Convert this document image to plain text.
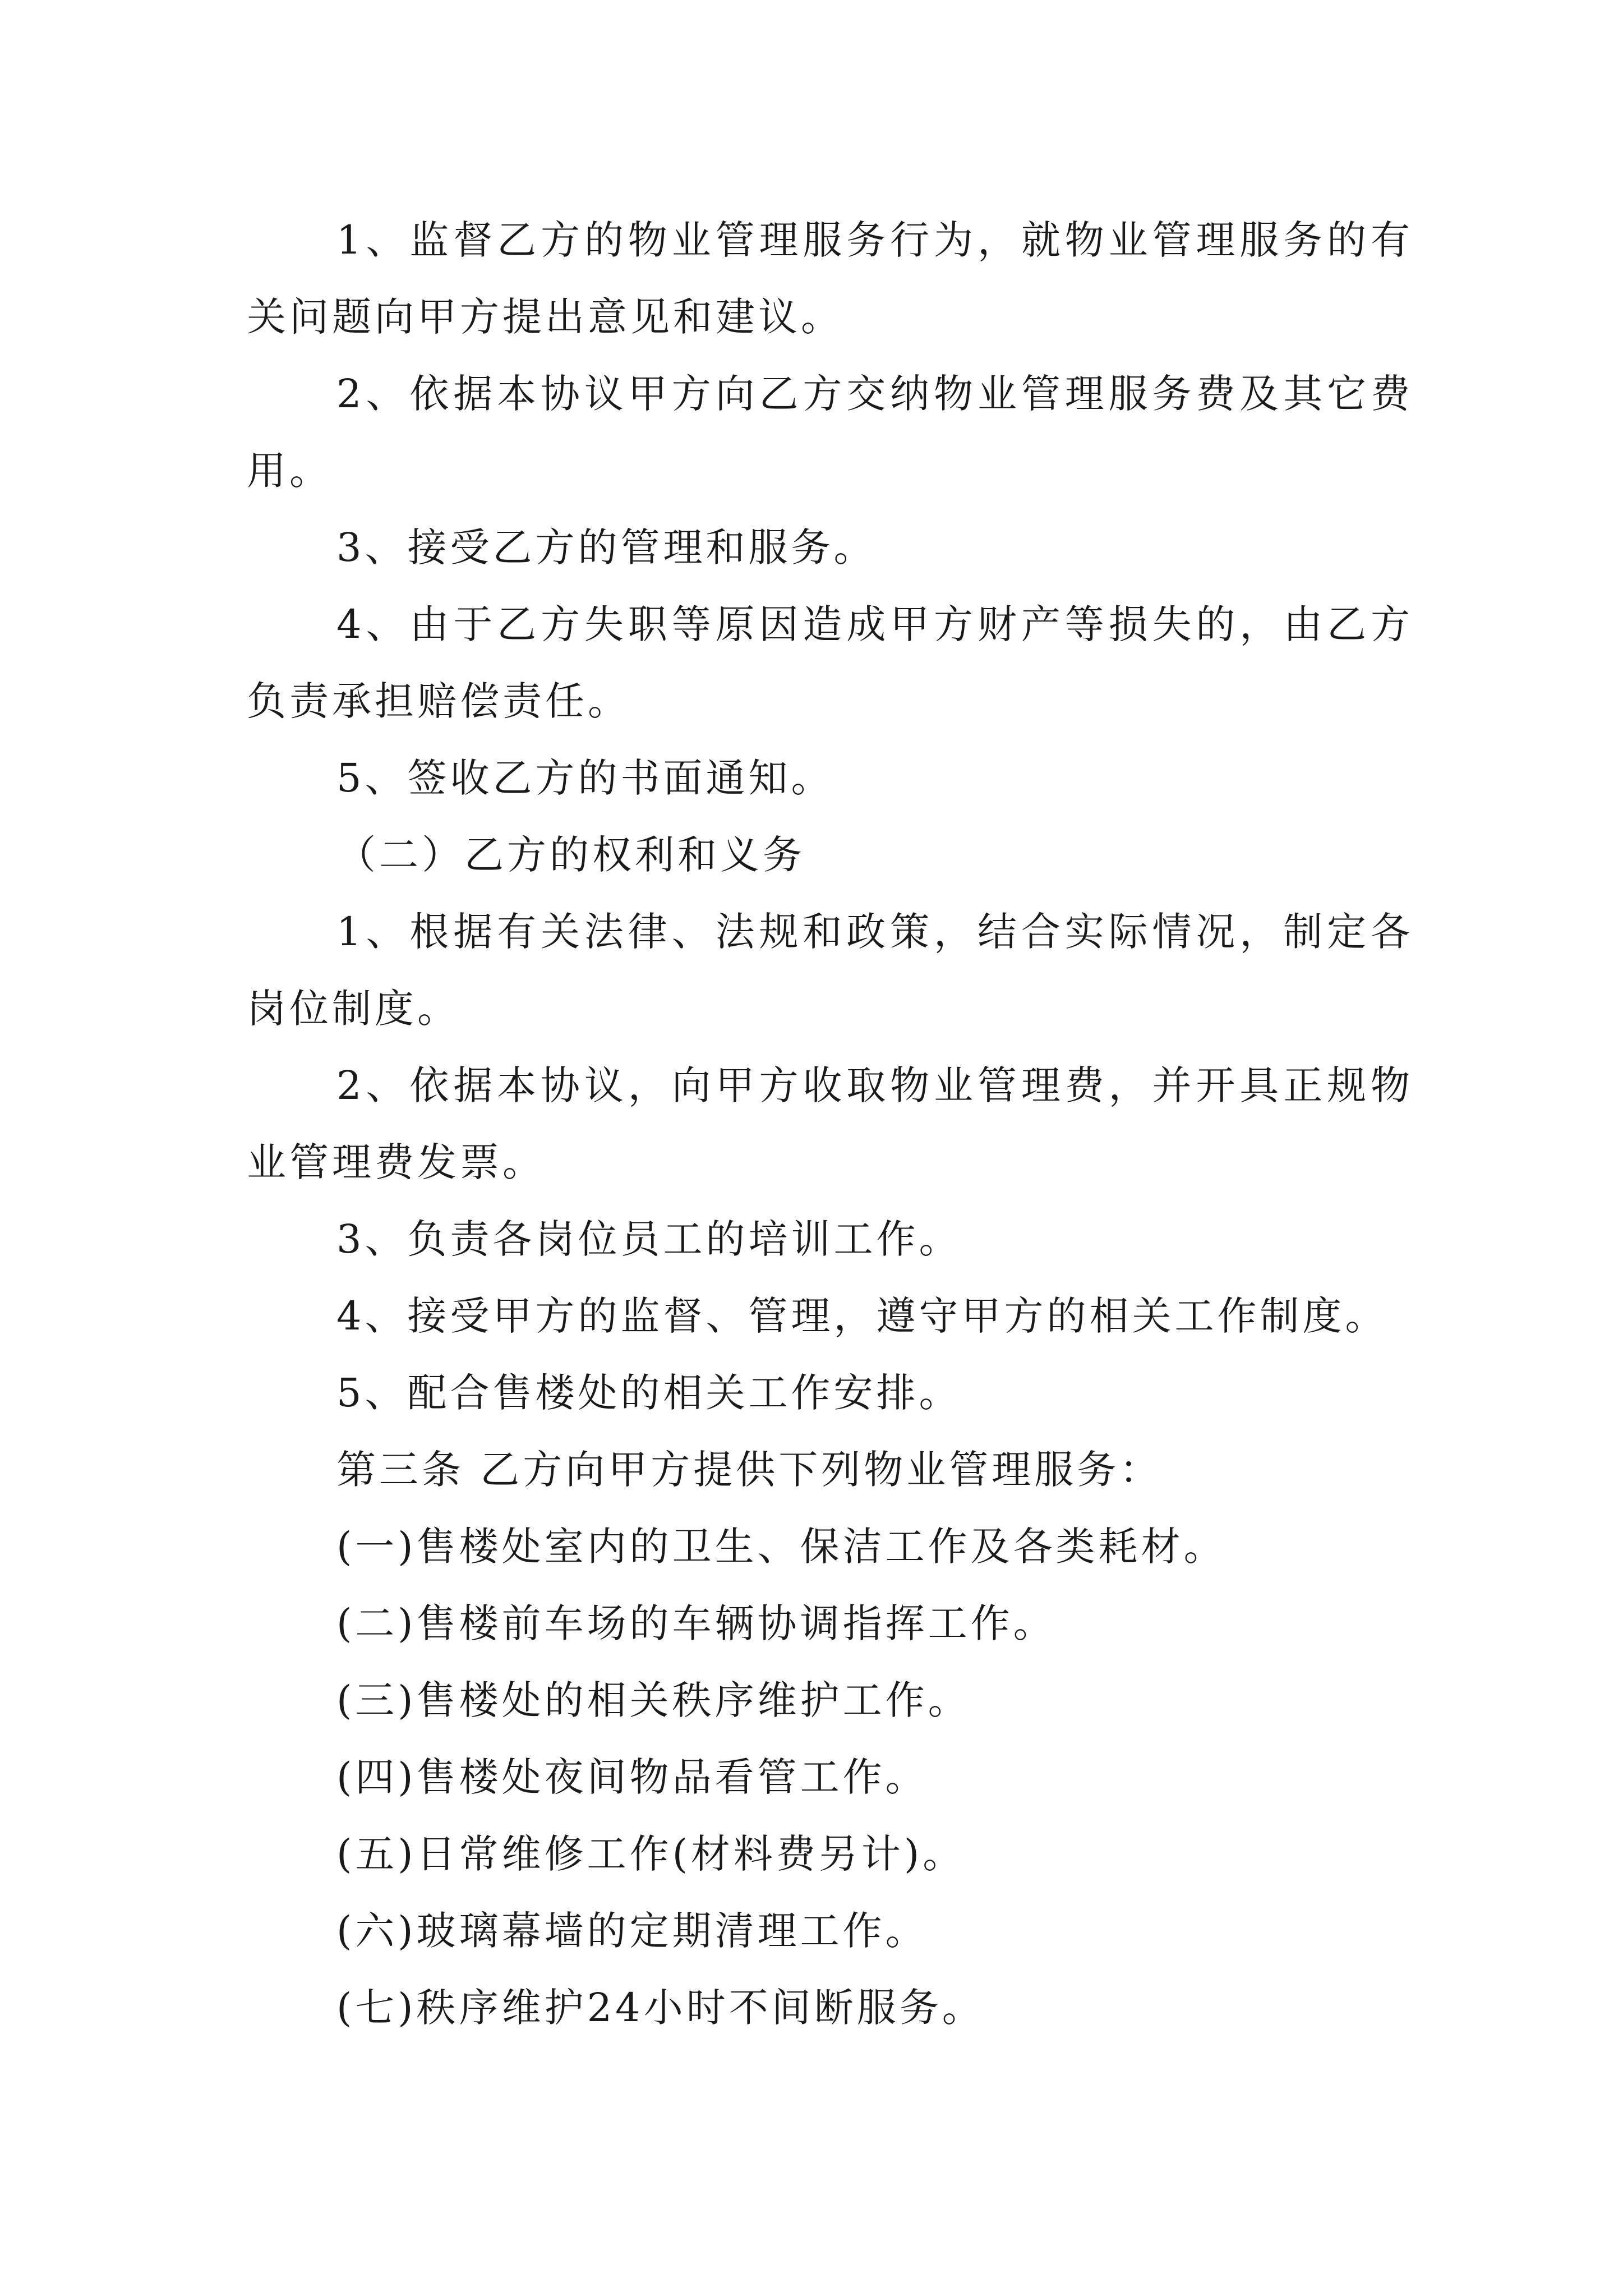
1、监督乙方的物业管理服务行为，就物业管理服务的有关问题向甲方提出意见和建议。

2、依据本协议甲方向乙方交纳物业管理服务费及其它费用。

3、接受乙方的管理和服务。

4、由于乙方失职等原因造成甲方财产等损失的，由乙方负责承担赔偿责任。

5、签收乙方的书面通知。

（二）乙方的权利和义务

1、根据有关法律、法规和政策，结合实际情况，制定各岗位制度。

2、依据本协议，向甲方收取物业管理费，并开具正规物业管理费发票。

3、负责各岗位员工的培训工作。

4、接受甲方的监督、管理，遵守甲方的相关工作制度。

5、配合售楼处的相关工作安排。

第三条 乙方向甲方提供下列物业管理服务：

(一)售楼处室内的卫生、保洁工作及各类耗材。

(二)售楼前车场的车辆协调指挥工作。

(三)售楼处的相关秩序维护工作。

(四)售楼处夜间物品看管工作。

(五)日常维修工作(材料费另计)。

(六)玻璃幕墙的定期清理工作。

(七)秩序维护24小时不间断服务。
